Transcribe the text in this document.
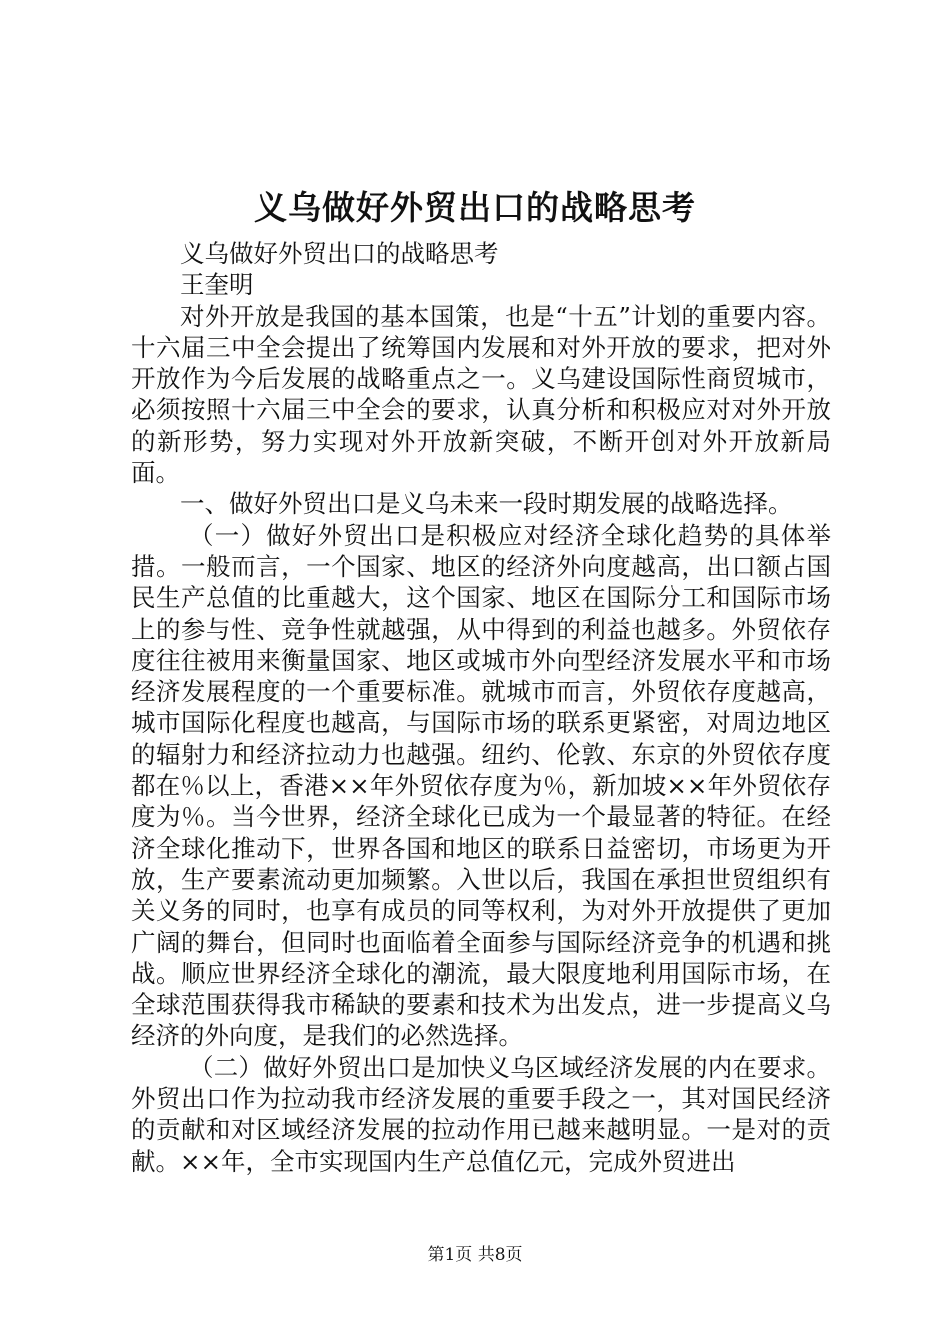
义乌做好外贸出口的战略思考

义乌做好外贸出口的战略思考

王奎明

对外开放是我国的基本国策，也是“十五”计划的重要内容。十六届三中全会提出了统筹国内发展和对外开放的要求，把对外开放作为今后发展的战略重点之一。义乌建设国际性商贸城市，必须按照十六届三中全会的要求，认真分析和积极应对对外开放的新形势，努力实现对外开放新突破，不断开创对外开放新局面。

一、做好外贸出口是义乌未来一段时期发展的战略选择。

（一）做好外贸出口是积极应对经济全球化趋势的具体举措。一般而言，一个国家、地区的经济外向度越高，出口额占国民生产总值的比重越大，这个国家、地区在国际分工和国际市场上的参与性、竞争性就越强，从中得到的利益也越多。外贸依存度往往被用来衡量国家、地区或城市外向型经济发展水平和市场经济发展程度的一个重要标准。就城市而言，外贸依存度越高，城市国际化程度也越高，与国际市场的联系更紧密，对周边地区的辐射力和经济拉动力也越强。纽约、伦敦、东京的外贸依存度都在％以上，香港××年外贸依存度为％，新加坡××年外贸依存度为％。当今世界，经济全球化已成为一个最显著的特征。在经济全球化推动下，世界各国和地区的联系日益密切，市场更为开放，生产要素流动更加频繁。入世以后，我国在承担世贸组织有关义务的同时，也享有成员的同等权利，为对外开放提供了更加广阔的舞台，但同时也面临着全面参与国际经济竞争的机遇和挑战。顺应世界经济全球化的潮流，最大限度地利用国际市场，在全球范围获得我市稀缺的要素和技术为出发点，进一步提高义乌经济的外向度，是我们的必然选择。

（二）做好外贸出口是加快义乌区域经济发展的内在要求。外贸出口作为拉动我市经济发展的重要手段之一，其对国民经济的贡献和对区域经济发展的拉动作用已越来越明显。一是对的贡献。××年，全市实现国内生产总值亿元，完成外贸进出

第1页 共8页
